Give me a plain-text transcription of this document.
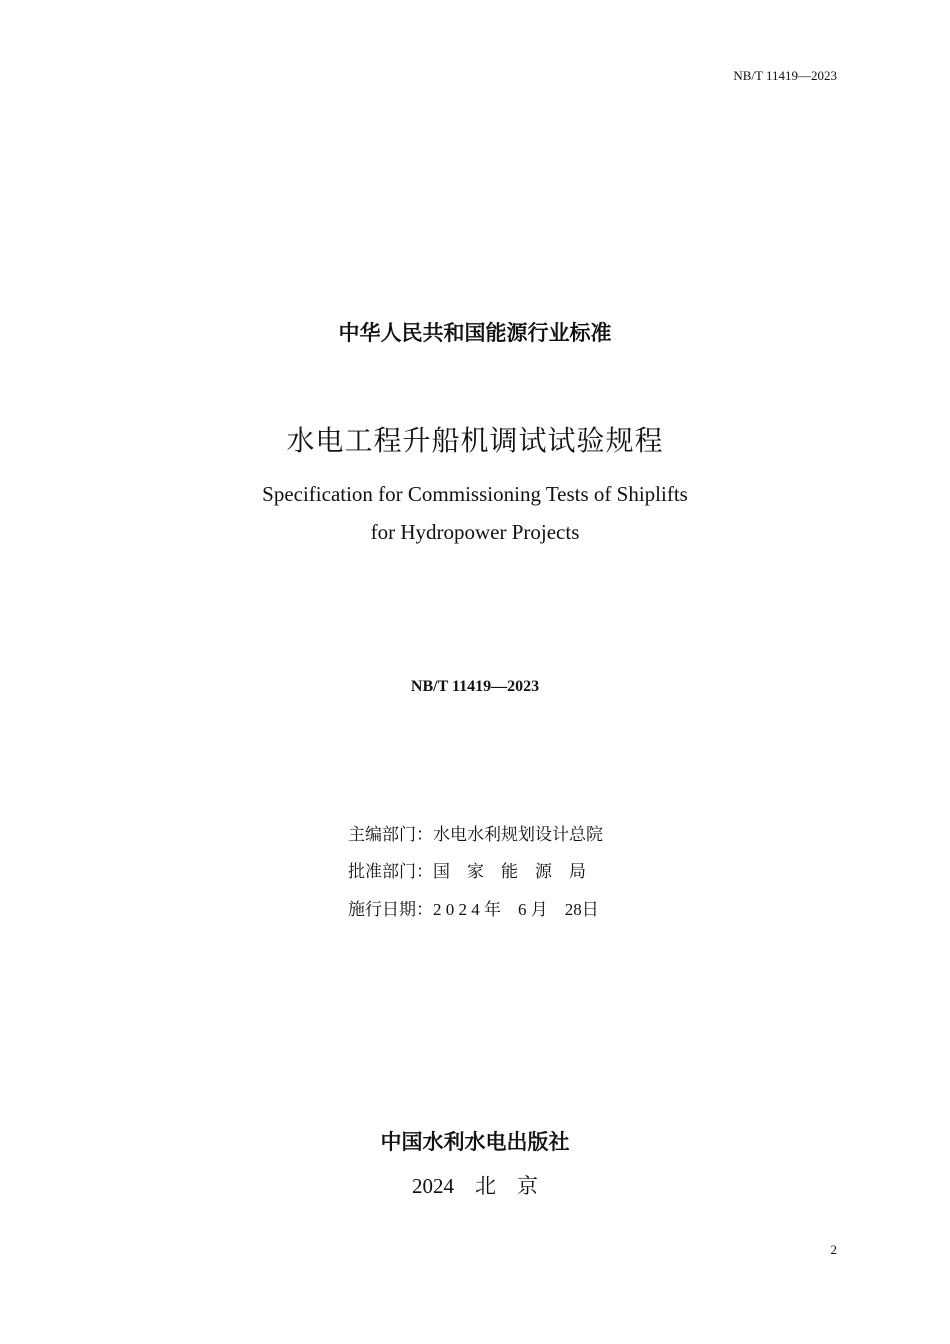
NB/T 11419—2023
中华人民共和国能源行业标准
水电工程升船机调试试验规程
Specification for Commissioning Tests of Shiplifts
for Hydropower Projects
NB/T 11419—2023
主编部门：水电水利规划设计总院
批准部门：国　家　能　源　局
施行日期：2 0 2 4 年　6 月　28日
中国水利水电出版社
2024　北　京
2
